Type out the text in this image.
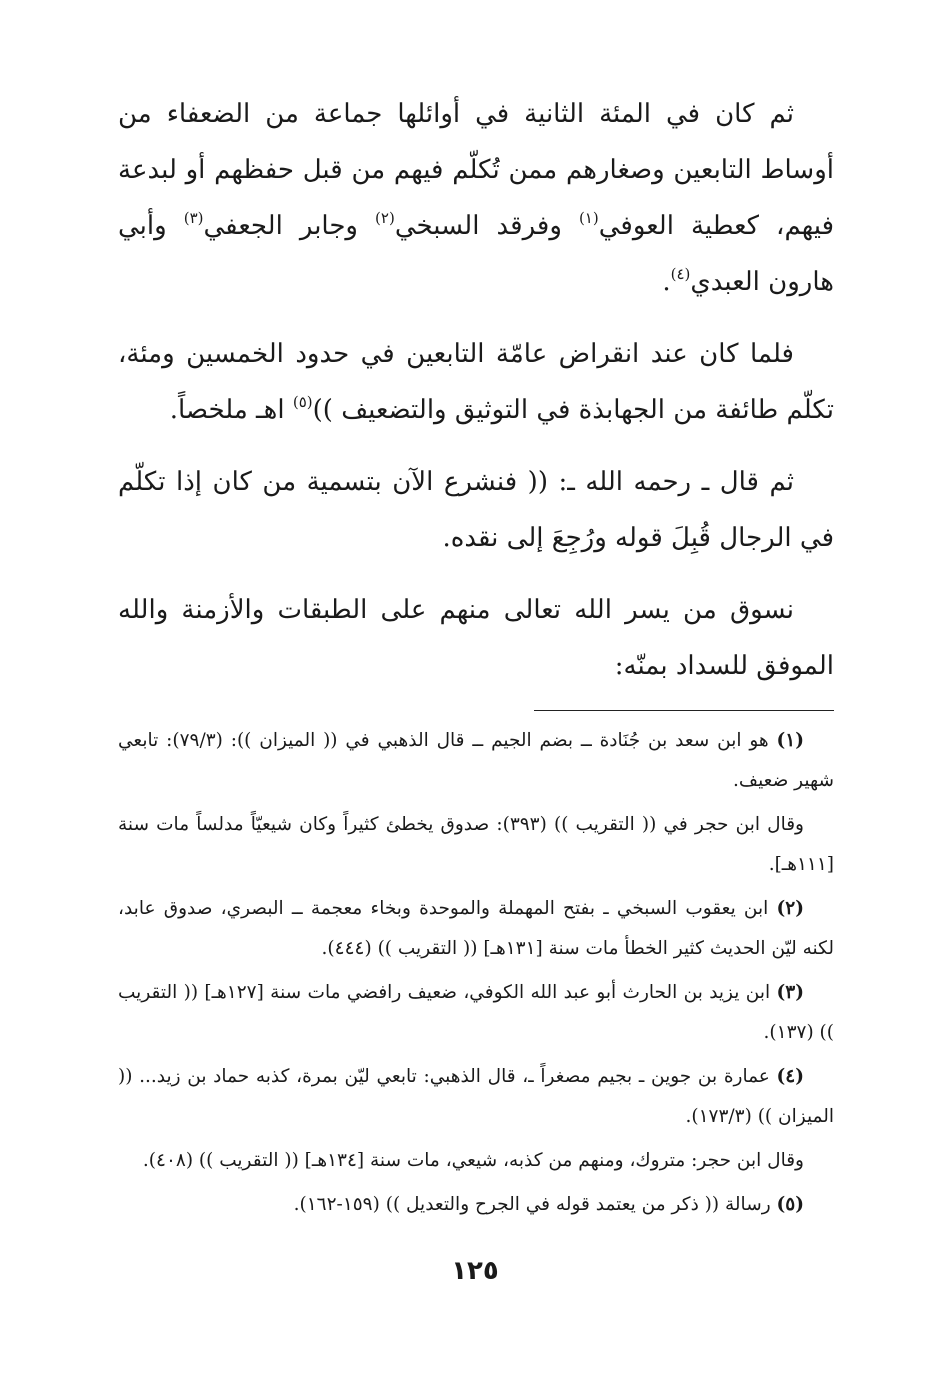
ثم كان في المئة الثانية في أوائلها جماعة من الضعفاء من أوساط التابعين وصغارهم ممن تُكلّم فيهم من قبل حفظهم أو لبدعة فيهم، كعطية العوفي$^{(١)}$ وفرقد السبخي$^{(٢)}$ وجابر الجعفي$^{(٣)}$ وأبي هارون العبدي$^{(٤)}$.

فلما كان عند انقراض عامّة التابعين في حدود الخمسين ومئة، تكلّم طائفة من الجهابذة في التوثيق والتضعيف ))$^{(٥)}$ اهـ ملخصاً.

ثم قال ـ رحمه الله ـ: (( فنشرع الآن بتسمية من كان إذا تكلّم في الرجال قُبِلَ قوله ورُجِعَ إلى نقده.

نسوق من يسر الله تعالى منهم على الطبقات والأزمنة والله الموفق للسداد بمنّه:

(١) هو ابن سعد بن جُنَادة ــ بضم الجيم ــ قال الذهبي في (( الميزان )): (٧٩/٣): تابعي شهير ضعيف.

وقال ابن حجر في (( التقريب )) (٣٩٣): صدوق يخطئ كثيراً وكان شيعيّاً مدلساً مات سنة [١١١هـ].

(٢) ابن يعقوب السبخي ـ بفتح المهملة والموحدة وبخاء معجمة ــ البصري، صدوق عابد، لكنه ليّن الحديث كثير الخطأ مات سنة [١٣١هـ] (( التقريب )) (٤٤٤).

(٣) ابن يزيد بن الحارث أبو عبد الله الكوفي، ضعيف رافضي مات سنة [١٢٧هـ] (( التقريب )) (١٣٧).

(٤) عمارة بن جوين ـ بجيم مصغراً ـ، قال الذهبي: تابعي ليّن بمرة، كذبه حماد بن زيد... (( الميزان )) (١٧٣/٣).

وقال ابن حجر: متروك، ومنهم من كذبه، شيعي، مات سنة [١٣٤هـ] (( التقريب )) (٤٠٨).

(٥) رسالة (( ذكر من يعتمد قوله في الجرح والتعديل )) (١٥٩-١٦٢).

١٢٥
